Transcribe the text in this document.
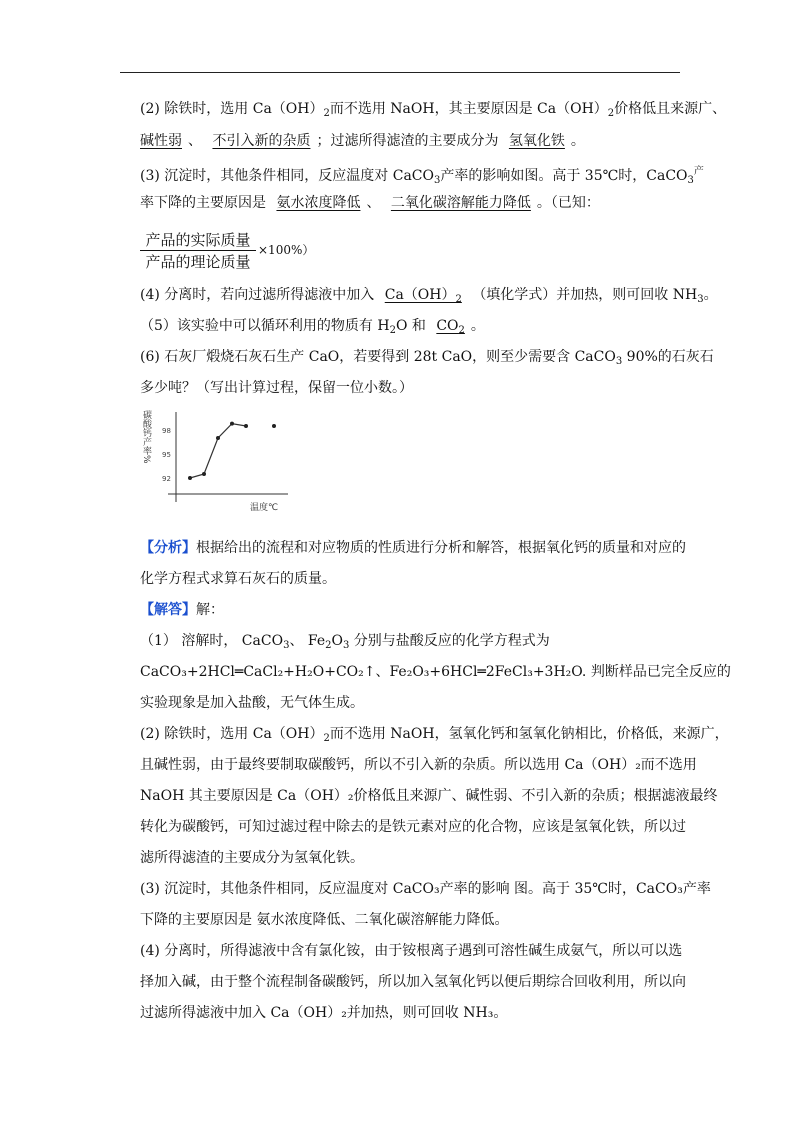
(2) 除铁时，选用 $Ca(OH)_2$而不选用 NaOH，其主要原因是 $Ca(OH)_2$价格低且来源广、
碱性弱 、 不引入新的杂质 ；过滤所得滤渣的主要成分为 氢氧化铁 。
(3) 沉淀时，其他条件相同，反应温度对 CaCO$_3$产率的影响如图。高于 35℃时，CaCO$_3^产$
率下降的主要原因是 氨水浓度降低 、 二氧化碳溶解能力降低 。（已知：
产品的实际质量
产品的理论质量
×100%）
(4) 分离时，若向过滤所得滤液中加入 $Ca(OH)_2$ （填化学式）并加热，则可回收 $NH_3$。
（5）该实验中可以循环利用的物质有 $H_2O$ 和 $CO_2$ 。
(6) 石灰厂煅烧石灰石生产 CaO，若要得到 28t CaO，则至少需要含 CaCO$_3$ 90%的石灰石
多少吨？（写出计算过程，保留一位小数。）
碳酸钙产率%
温度℃
98
95
92
【分析】根据给出的流程和对应物质的性质进行分析和解答，根据氧化钙的质量和对应的
化学方程式求算石灰石的质量。
【解答】解：
（1） 溶解时， CaCO$_3$、 $Fe_2O_3$ 分别与盐酸反应的化学方程式为
CaCO₃+2HCl═CaCl₂+H₂O+CO₂↑、Fe₂O₃+6HCl═2FeCl₃+3H₂O. 判断样品已完全反应的
实验现象是加入盐酸，无气体生成。
(2) 除铁时，选用 $Ca(OH)_2$而不选用 NaOH，氢氧化钙和氢氧化钠相比，价格低，来源广，
且碱性弱，由于最终要制取碳酸钙，所以不引入新的杂质。所以选用 Ca（OH）₂而不选用
NaOH 其主要原因是 Ca（OH）₂价格低且来源广、碱性弱、不引入新的杂质；根据滤液最终
转化为碳酸钙，可知过滤过程中除去的是铁元素对应的化合物，应该是氢氧化铁，所以过
滤所得滤渣的主要成分为氢氧化铁。
(3) 沉淀时，其他条件相同，反应温度对 CaCO₃产率的影响 图。高于 35℃时，CaCO₃产率
下降的主要原因是 氨水浓度降低、二氧化碳溶解能力降低。
(4) 分离时，所得滤液中含有氯化铵，由于铵根离子遇到可溶性碱生成氨气，所以可以选
择加入碱，由于整个流程制备碳酸钙，所以加入氢氧化钙以便后期综合回收利用，所以向
过滤所得滤液中加入 Ca（OH）₂并加热，则可回收 NH₃。
